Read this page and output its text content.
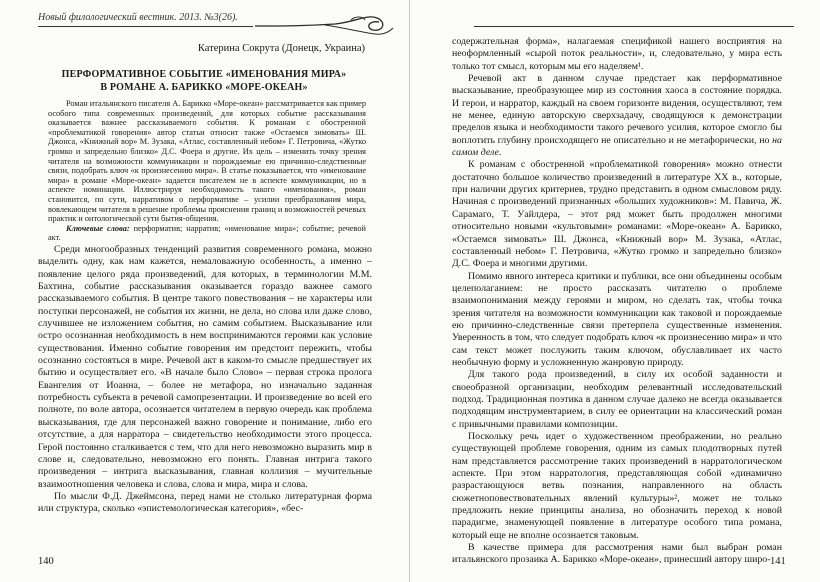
Новый филологический вестник. 2013. №3(26).
Катерина Сокрута (Донецк, Украина)
ПЕРФОРМАТИВНОЕ СОБЫТИЕ «ИМЕНОВАНИЯ МИРА»
В РОМАНЕ А. БАРИККО «МОРЕ-ОКЕАН»

Роман итальянского писателя А. Барикко «Море-океан» рассматривается как пример особого типа современных произведений, для которых событие рассказывания оказывается важнее рассказываемого события. К романам с обостренной «проблематикой говорения» автор статьи относит также «Остаемся зимовать» Ш. Джонса, «Книжный вор» М. Зузака, «Атлас, составленный небом» Г. Петровича, «Жутко громко и запредельно близко» Д.С. Фоера и другие. Их цель – изменить точку зрения читателя на возможности коммуникации и порождаемые ею причинно-следственные связи, подобрать ключ «к произнесению мира». В статье показывается, что «именование мира» в романе «Море-океан» задается писателем не в аспекте коммуникации, но в аспекте номинации. Иллюстрируя необходимость такого «именования», роман становится, по сути, нарративом о перформативе – усилии преобразования мира, вовлекающем читателя в решение проблемы прояснения границ и возможностей речевых практик и онтологической сути бытия-общения.

Ключевые слова: перформатив; нарратив; «именование мира»; событие; речевой акт.

Среди многообразных тенденций развития современного романа, можно выделить одну, как нам кажется, немаловажную особенность, а именно – появление целого ряда произведений, для которых, в терминологии М.М. Бахтина, событие рассказывания оказывается гораздо важнее самого рассказываемого события. В центре такого повествования – не характеры или поступки персонажей, не события их жизни, не дела, но слова или даже слово, случившее не изложением события, но самим событием. Высказывание или остро осознанная необходимость в нем воспринимаются героями как условие существования. Именно событие говорения им предстоит пережить, чтобы осознанно состояться в мире. Речевой акт в каком-то смысле предшествует их бытию и осуществляет его. «В начале было Слово» – первая строка пролога Евангелия от Иоанна, – более не метафора, но изначально заданная потребность субъекта в речевой самопрезентации. И произведение во всей его полноте, по воле автора, осознается читателем в первую очередь как проблема высказывания, где для персонажей важно говорение и понимание, либо его отсутствие, а для нарратора – свидетельство необходимости этого процесса. Герой постоянно сталкивается с тем, что для него невозможно выразить мир в слове и, следовательно, невозможно его понять. Главная интрига такого произведения – интрига высказывания, главная коллизия – мучительные взаимоотношения человека и слова, слова и мира, мира и слова.

По мысли Ф.Д. Джеймсона, перед нами не столько литературная форма или структура, сколько «эпистемологическая категория», «бес-

140

содержательная форма», налагаемая спецификой нашего восприятия на неоформленный «сырой поток реальности», и, следовательно, у мира есть только тот смысл, которым мы его наделяем¹.

Речевой акт в данном случае предстает как перформативное высказывание, преобразующее мир из состояния хаоса в состояние порядка. И герои, и нарратор, каждый на своем горизонте видения, осуществляют, тем не менее, единую авторскую сверхзадачу, сводящуюся к демонстрации пределов языка и необходимости такого речевого усилия, которое смогло бы воплотить глубину происходящего не описательно и не метафорически, но на самом деле.

К романам с обостренной «проблематикой говорения» можно отнести достаточно большое количество произведений в литературе XX в., которые, при наличии других критериев, трудно представить в одном смысловом ряду. Начиная с произведений признанных «больших художников»: М. Павича, Ж. Сарамаго, Т. Уайлдера, – этот ряд может быть продолжен многими относительно новыми «культовыми» романами: «Море-океан» А. Барикко, «Остаемся зимовать» Ш. Джонса, «Книжный вор» М. Зузака, «Атлас, составленный небом» Г. Петровича, «Жутко громко и запредельно близко» Д.С. Фоера и многими другими.

Помимо явного интереса критики и публики, все они объединены особым целеполаганием: не просто рассказать читателю о проблеме взаимопонимания между героями и миром, но сделать так, чтобы точка зрения читателя на возможности коммуникации как таковой и порождаемые ею причинно-следственные связи претерпела существенные изменения. Уверенность в том, что следует подобрать ключ «к произнесению мира» и что сам текст может послужить таким ключом, обуславливает их часто необычную форму и усложненную жанровую природу.

Для такого рода произведений, в силу их особой заданности и своеобразной организации, необходим релевантный исследовательский подход. Традиционная поэтика в данном случае далеко не всегда оказывается подходящим инструментарием, в силу ее ориентации на классический роман с привычными правилами композиции.

Поскольку речь идет о художественном преображении, но реально существующей проблеме говорения, одним из самых плодотворных путей нам представляется рассмотрение таких произведений в нарратологическом аспекте. При этом нарратология, представляющая собой «динамично разрастающуюся ветвь познания, направленного на область сюжетноповествовательных явлений культуры»², может не только предложить некие принципы анализа, но обозначить переход к новой парадигме, знаменующей появление в литературе особого типа романа, который еще не вполне осознается таковым.

В качестве примера для рассмотрения нами был выбран роман итальянского прозаика А. Барикко «Море-океан», принесший автору широ- 141
